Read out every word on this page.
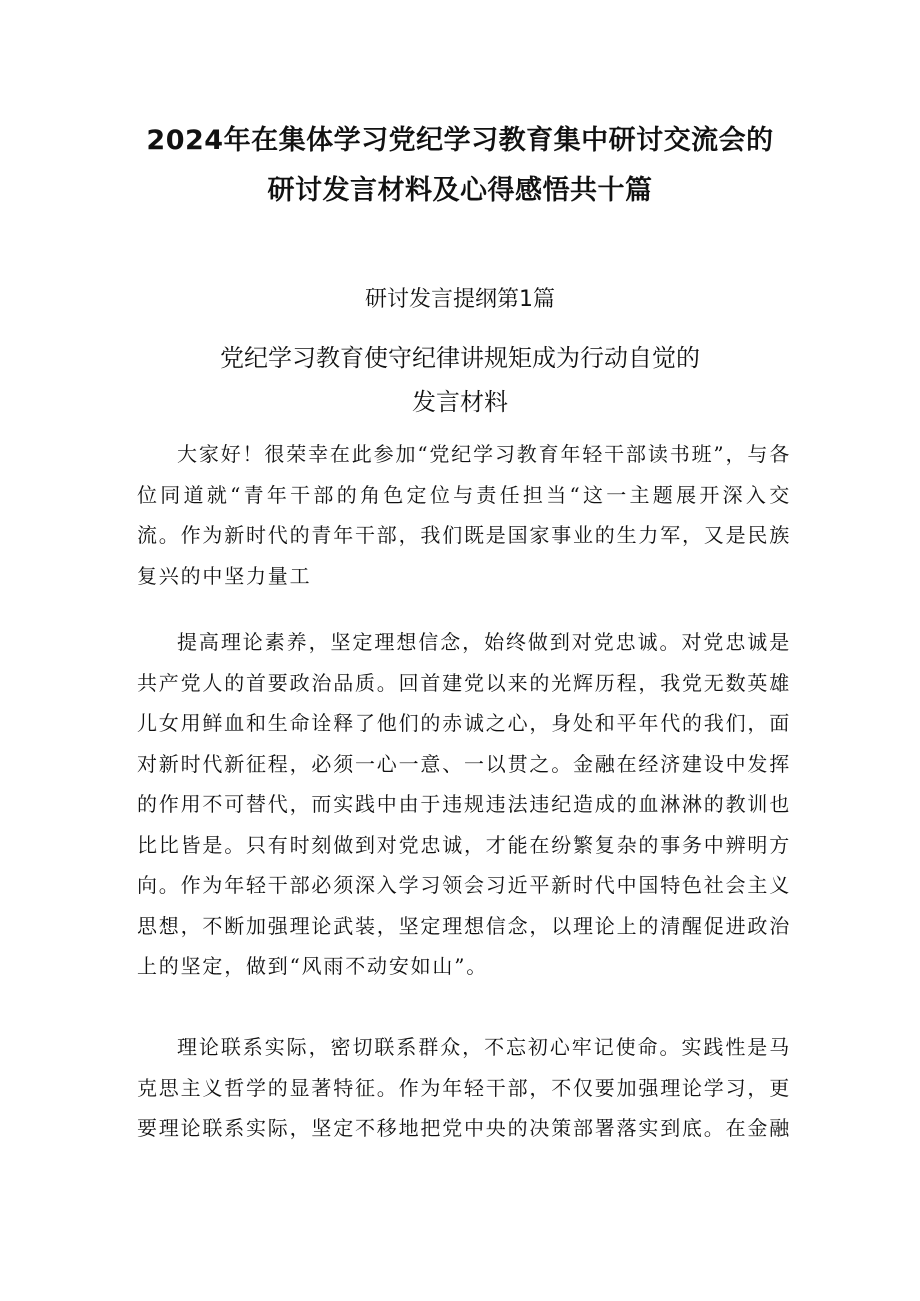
2024年在集体学习党纪学习教育集中研讨交流会的
研讨发言材料及心得感悟共十篇
研讨发言提纲第1篇
党纪学习教育使守纪律讲规矩成为行动自觉的
发言材料

大家好！很荣幸在此参加“党纪学习教育年轻干部读书班”，与各位同道就“青年干部的角色定位与责任担当“这一主题展开深入交流。作为新时代的青年干部，我们既是国家事业的生力军，又是民族复兴的中坚力量工

提高理论素养，坚定理想信念，始终做到对党忠诚。对党忠诚是共产党人的首要政治品质。回首建党以来的光辉历程，我党无数英雄儿女用鲜血和生命诠释了他们的赤诚之心，身处和平年代的我们，面对新时代新征程，必须一心一意、一以贯之。金融在经济建设中发挥的作用不可替代，而实践中由于违规违法违纪造成的血淋淋的教训也比比皆是。只有时刻做到对党忠诚，才能在纷繁复杂的事务中辨明方向。作为年轻干部必须深入学习领会习近平新时代中国特色社会主义思想，不断加强理论武装，坚定理想信念，以理论上的清醒促进政治上的坚定，做到“风雨不动安如山”。

理论联系实际，密切联系群众，不忘初心牢记使命。实践性是马克思主义哲学的显著特征。作为年轻干部，不仅要加强理论学习，更要理论联系实际，坚定不移地把党中央的决策部署落实到底。在金融
